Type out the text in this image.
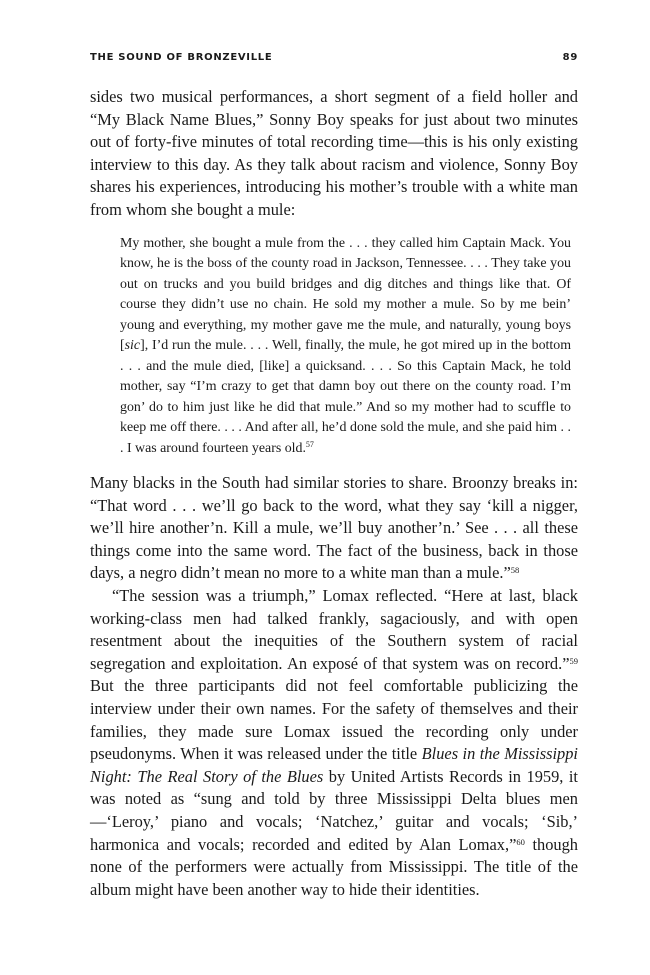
THE SOUND OF BRONZEVILLE	89

sides two musical performances, a short segment of a field holler and “My Black Name Blues,” Sonny Boy speaks for just about two minutes out of forty-five minutes of total recording time—this is his only existing interview to this day. As they talk about racism and violence, Sonny Boy shares his experiences, introducing his mother’s trouble with a white man from whom she bought a mule:

My mother, she bought a mule from the . . . they called him Captain Mack. You know, he is the boss of the county road in Jackson, Tennessee. . . . They take you out on trucks and you build bridges and dig ditches and things like that. Of course they didn’t use no chain. He sold my mother a mule. So by me bein’ young and everything, my mother gave me the mule, and naturally, young boys [sic], I’d run the mule. . . . Well, finally, the mule, he got mired up in the bottom . . . and the mule died, [like] a quicksand. . . . So this Captain Mack, he told mother, say “I’m crazy to get that damn boy out there on the county road. I’m gon’ do to him just like he did that mule.” And so my mother had to scuffle to keep me off there. . . . And after all, he’d done sold the mule, and she paid him . . . I was around fourteen years old.$^{57}$

Many blacks in the South had similar stories to share. Broonzy breaks in: “That word . . . we’ll go back to the word, what they say ‘kill a nigger, we’ll hire another’n. Kill a mule, we’ll buy another’n.’ See . . . all these things come into the same word. The fact of the business, back in those days, a negro didn’t mean no more to a white man than a mule.”$^{58}$

“The session was a triumph,” Lomax reflected. “Here at last, black working-class men had talked frankly, sagaciously, and with open resentment about the inequities of the Southern system of racial segregation and exploitation. An exposé of that system was on record.”$^{59}$ But the three participants did not feel comfortable publicizing the interview under their own names. For the safety of themselves and their families, they made sure Lomax issued the recording only under pseudonyms. When it was released under the title Blues in the Mississippi Night: The Real Story of the Blues by United Artists Records in 1959, it was noted as “sung and told by three Mississippi Delta blues men—‘Leroy,’ piano and vocals; ‘Natchez,’ guitar and vocals; ‘Sib,’ harmonica and vocals; recorded and edited by Alan Lomax,”$^{60}$ though none of the performers were actually from Mississippi. The title of the album might have been another way to hide their identities.
